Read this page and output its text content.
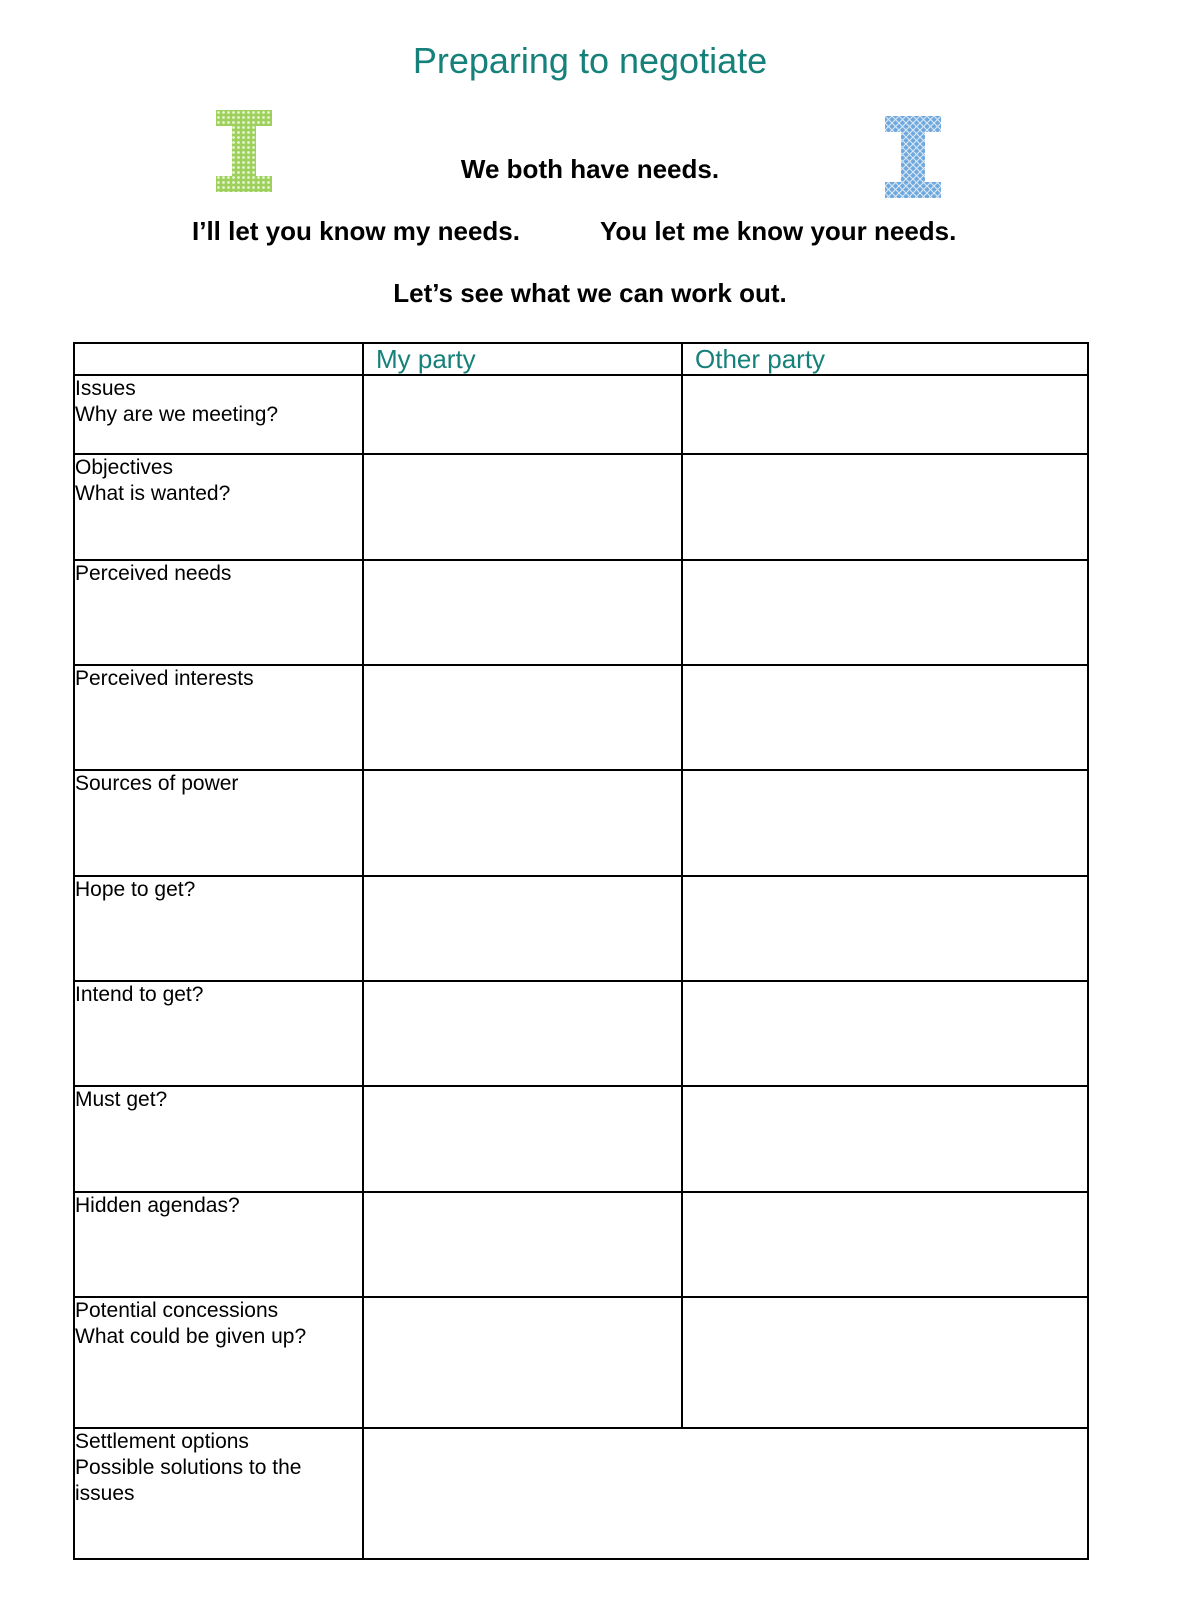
Preparing to negotiate
We both have needs.
I’ll let you know my needs.	You let me know your needs.
Let’s see what we can work out.
	My party	Other party

Issues
Why are we meeting?		

Objectives
What is wanted?		

Perceived needs		

Perceived interests		

Sources of power		

Hope to get?		

Intend to get?		

Must get?		

Hidden agendas?		

Potential concessions
What could be given up?		

Settlement options
Possible solutions to the issues		
